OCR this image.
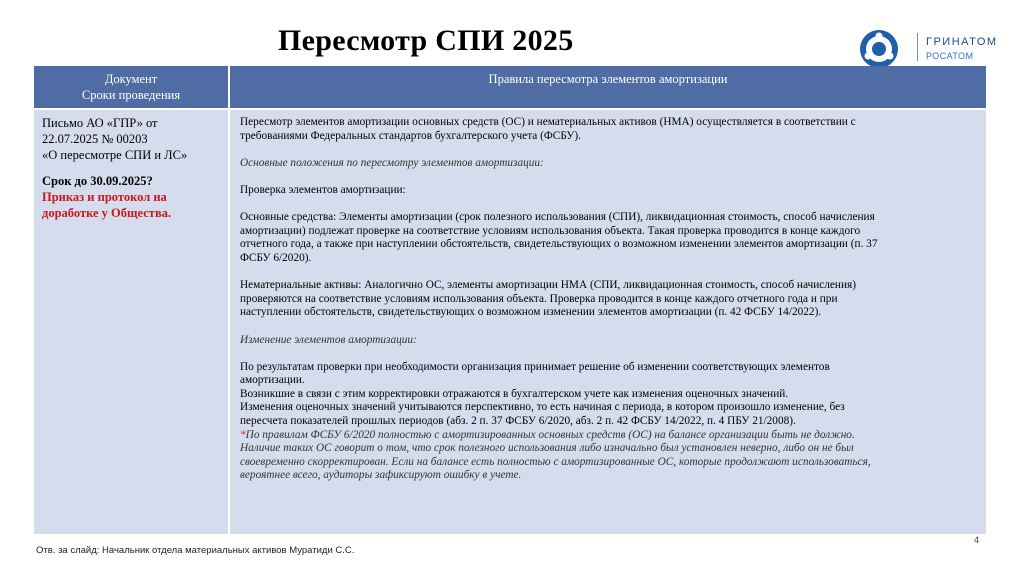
Пересмотр СПИ 2025	ГРИНАТОМ
РОСАТОМ
Документ
Сроки проведения
Правила пересмотра элементов амортизации
Письмо АО «ГПР» от
22.07.2025 № 00203
«О пересмотре СПИ и ЛС»
Срок до 30.09.2025?
Приказ и протокол на
доработке у Общества.

Пересмотр элементов амортизации основных средств (ОС) и нематериальных активов (НМА) осуществляется в соответствии с

требованиями Федеральных стандартов бухгалтерского учета (ФСБУ).

Основные положения по пересмотру элементов амортизации:

Проверка элементов амортизации:

Основные средства: Элементы амортизации (срок полезного использования (СПИ), ликвидационная стоимость, способ начисления

амортизации) подлежат проверке на соответствие условиям использования объекта. Такая проверка проводится в конце каждого

отчетного года, а также при наступлении обстоятельств, свидетельствующих о возможном изменении элементов амортизации (п. 37

ФСБУ 6/2020).

Нематериальные активы: Аналогично ОС, элементы амортизации НМА (СПИ, ликвидационная стоимость, способ начисления)

проверяются на соответствие условиям использования объекта. Проверка проводится в конце каждого отчетного года и при

наступлении обстоятельств, свидетельствующих о возможном изменении элементов амортизации (п. 42 ФСБУ 14/2022).

Изменение элементов амортизации:

По результатам проверки при необходимости организация принимает решение об изменении соответствующих элементов

амортизации.

Возникшие в связи с этим корректировки отражаются в бухгалтерском учете как изменения оценочных значений.

Изменения оценочных значений учитываются перспективно, то есть начиная с периода, в котором произошло изменение, без

пересчета показателей прошлых периодов (абз. 2 п. 37 ФСБУ 6/2020, абз. 2 п. 42 ФСБУ 14/2022, п. 4 ПБУ 21/2008).

*По правилам ФСБУ 6/2020 полностью с амортизированных основных средств (ОС) на балансе организации быть не должно.

Наличие таких ОС говорит о том, что срок полезного использования либо изначально был установлен неверно, либо он не был

своевременно скорректирован. Если на балансе есть полностью с амортизированные ОС, которые продолжают использоваться,

вероятнее всего, аудиторы зафиксируют ошибку в учете.

4
Отв. за слайд: Начальник отдела материальных активов Муратиди С.С.
